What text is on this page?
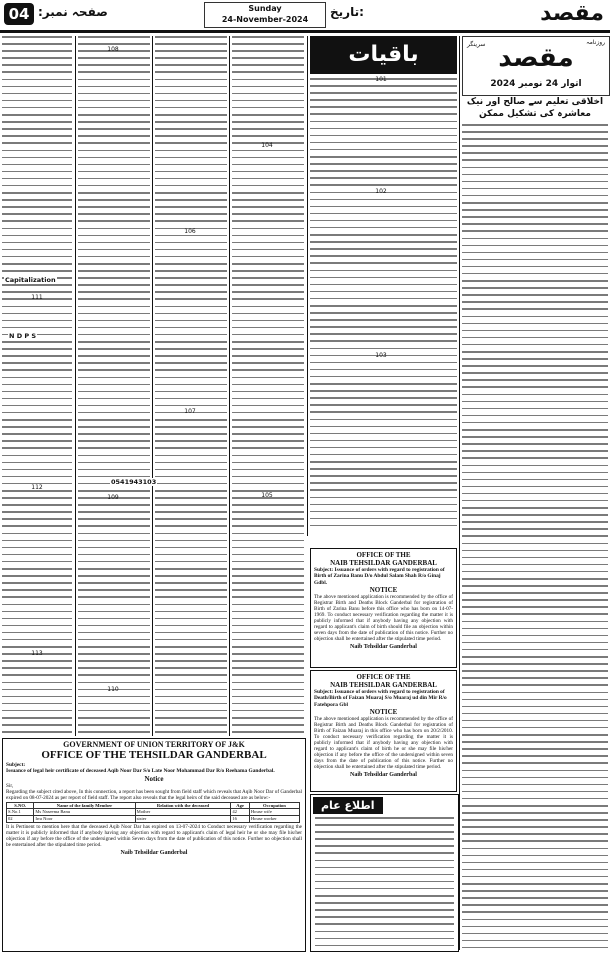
04 صفحہ نمبر:	Sunday
24-November-2024
تاریخ:	مقصد
روزنامہ
سرینگر مقصد
اتوار 24 نومبر 2024
اخلاقی تعلیم سے صالح اور نیک معاشرہ کی تشکیل ممکن
باقیات
101
102
103
104
105
106
107
108
109
110
111
112
113
Capitalization
N D P S
0541943103
OFFICE OF THE
NAIB TEHSILDAR GANDERBAL
Subject: Issuance of orders with regard to registration of Birth of Zarina Banu D/o Abdul Salam Shah R/o Ginaj Gdbl.
NOTICE
The above mentioned application is recommended by the office of Registrar Birth and Deaths Block Ganderbal for registration of Birth of Zarina Banu before this office who has born on 14-07-1969. To conduct necessary verification regarding the matter it is publicly informed that if anybody having any objection with regard to applicant's claim of birth should file an objection within seven days from the date of publication of this notice. Further no objection shall be entertained after the stipulated time period.
Naib Tehsildar Ganderbal
OFFICE OF THE
NAIB TEHSILDAR GANDERBAL
Subject: Issuance of orders with regard to registration of Death/Birth of Faizan Muaraj S/o Muaraj ud din Mir R/o Fatehpora Gbl
NOTICE
The above mentioned application is recommended by the office of Registrar Birth and Deaths Block Ganderbal for registration of Birth of Faizan Muaraj in this office who has born on 20/2/2010. To conduct necessary verification regarding the matter it is publicly informed that if anybody having any objection with regard to applicant's claim of birth he or she may file his/her objection if any before the office of the undersigned within seven days from the date of publication of this notice. Further no objection shall be entertained after the stipulated time period.
Naib Tehsildar Ganderbal
اطلاع عام
GOVERNMENT OF UNION TERRITORY OF J&K
OFFICE OF THE TEHSILDAR GANDERBAL
Subject:
Issuance of legal heir certificate of deceased Aqib Noor Dar S/o Late Noor Mohammad Dar R/o Reehama Ganderbal.
Notice
Sir,
Regarding the subject cited above, In this connection, a report has been sought from field staff which reveals that Aqib Noor Dar of Ganderbal expired on 08-07-2024 as per report of field staff. The report also reveals that the legal heirs of the said deceased are as below:-
S.NO.	Name of the family Member	Relation with the deceased	Age	Occupation
S.No.1	Ms Naseema Banu	Mother	42	House wife
02	Irra Noor	sister	16	House worker
It is Pertinent to mention here that the deceased Aqib Noor Dar has expired on 13-07-2024 to Conduct necessary verification regarding the matter it is publicly informed that if anybody having any objection with regard to applicant's claim of legal heir he or she may file his/her objection if any before the office of the undersigned within Seven days from the date of publication of this notice. Further no objection shall be entertained after the stipulated time period.
Naib Tehsildar Ganderbal
